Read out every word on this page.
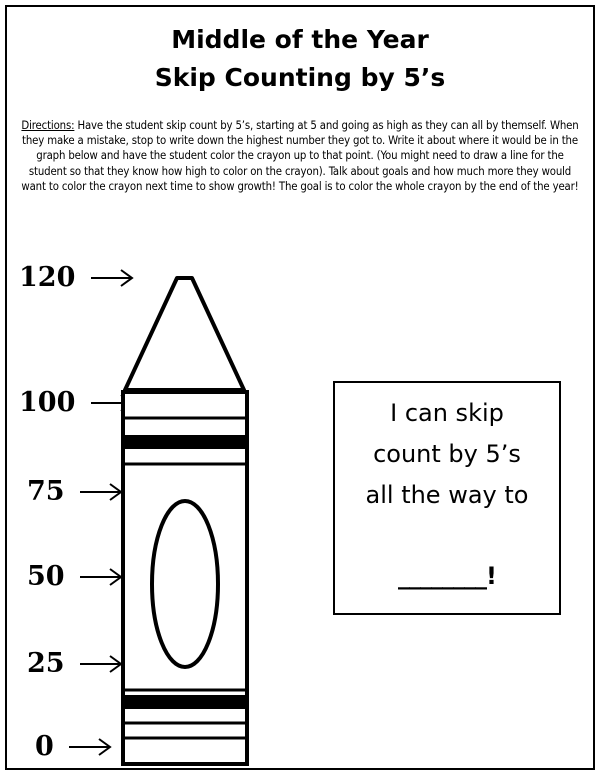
Middle of the Year
Skip Counting by 5’s
Directions: Have the student skip count by 5’s, starting at 5 and going as high as they can all by themself. When they make a mistake, stop to write down the highest number they got to. Write it about where it would be in the graph below and have the student color the crayon up to that point. (You might need to draw a line for the student so that they know how high to color on the crayon). Talk about goals and how much more they would want to color the crayon next time to show growth! The goal is to color the whole crayon by the end of the year!
120
100
75
50
25
0
I can skip
count by 5’s
all the way to
________!
